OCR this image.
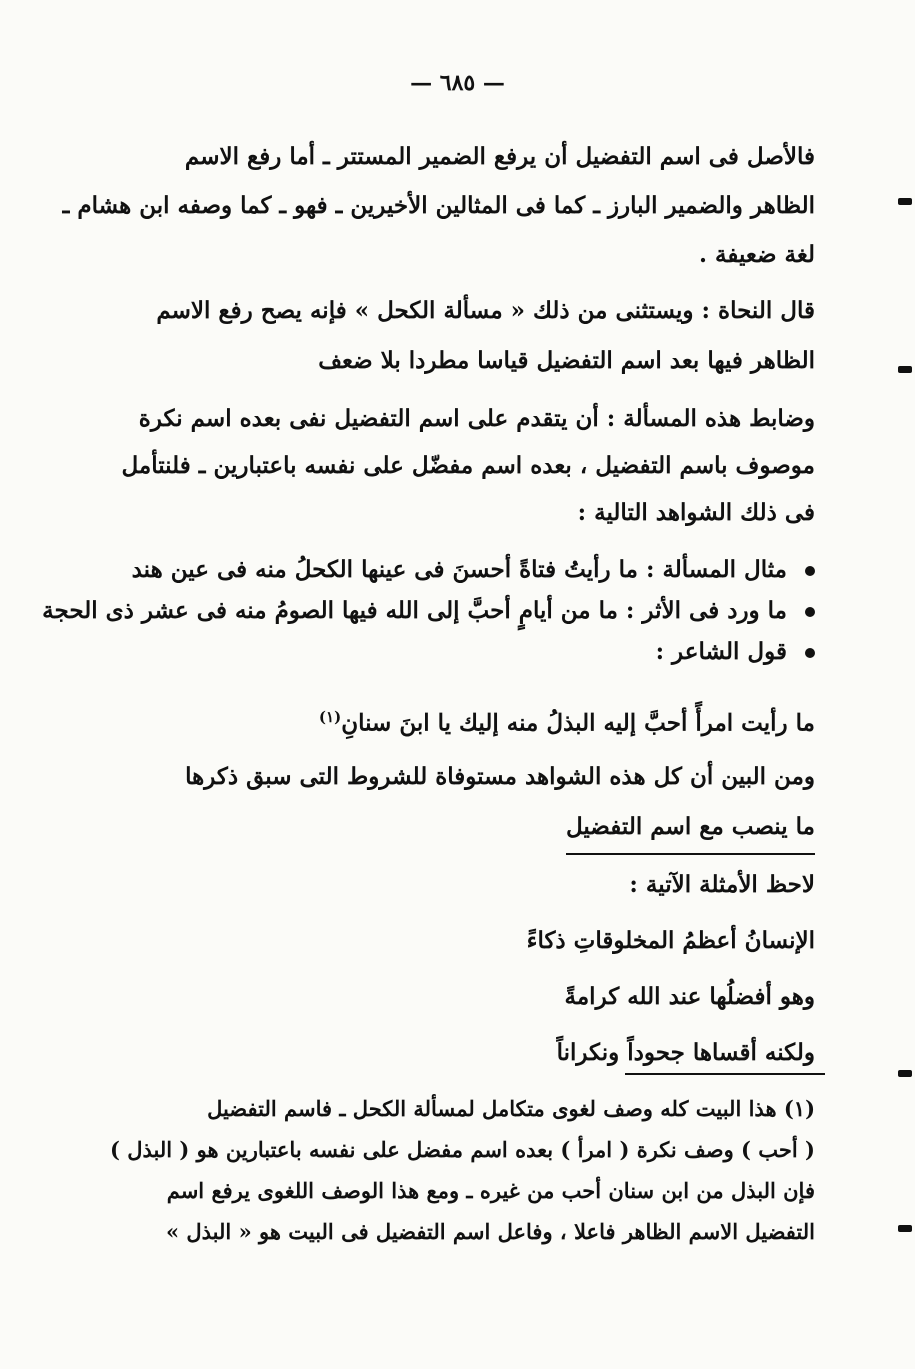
— ٦٨٥ —
فالأصل فى اسم التفضيل أن يرفع الضمير المستتر ـ أما رفع الاسم
الظاهر والضمير البارز ـ كما فى المثالين الأخيرين ـ فهو ـ كما وصفه ابن هشام ـ
لغة ضعيفة .
قال النحاة : ويستثنى من ذلك « مسألة الكحل » فإنه يصح رفع الاسم
الظاهر فيها بعد اسم التفضيل قياسا مطردا بلا ضعف
وضابط هذه المسألة : أن يتقدم على اسم التفضيل نفى بعده اسم نكرة
موصوف باسم التفضيل ، بعده اسم مفضّل على نفسه باعتبارين ـ فلنتأمل
فى ذلك الشواهد التالية :
مثال المسألة : ما رأيتُ فتاةً أحسنَ فى عينها الكحلُ منه فى عين هند
ما ورد فى الأثر : ما من أيامٍ أحبَّ إلى الله فيها الصومُ منه فى عشر ذى الحجة
قول الشاعر :
ما رأيت امرأً أحبَّ إليه البذلُ منه إليك يا ابنَ سنانِ$^{(١)}$
ومن البين أن كل هذه الشواهد مستوفاة للشروط التى سبق ذكرها
ما ينصب مع اسم التفضيل
لاحظ الأمثلة الآتية :
الإنسانُ أعظمُ المخلوقاتِ ذكاءً
وهو أفضلُها عند الله كرامةً
ولكنه أقساها جحوداً ونكراناً
(١) هذا البيت كله وصف لغوى متكامل لمسألة الكحل ـ فاسم التفضيل
( أحب ) وصف نكرة ( امرأ ) بعده اسم مفضل على نفسه باعتبارين هو ( البذل )
فإن البذل من ابن سنان أحب من غيره ـ ومع هذا الوصف اللغوى يرفع اسم
التفضيل الاسم الظاهر فاعلا ، وفاعل اسم التفضيل فى البيت هو « البذل »
